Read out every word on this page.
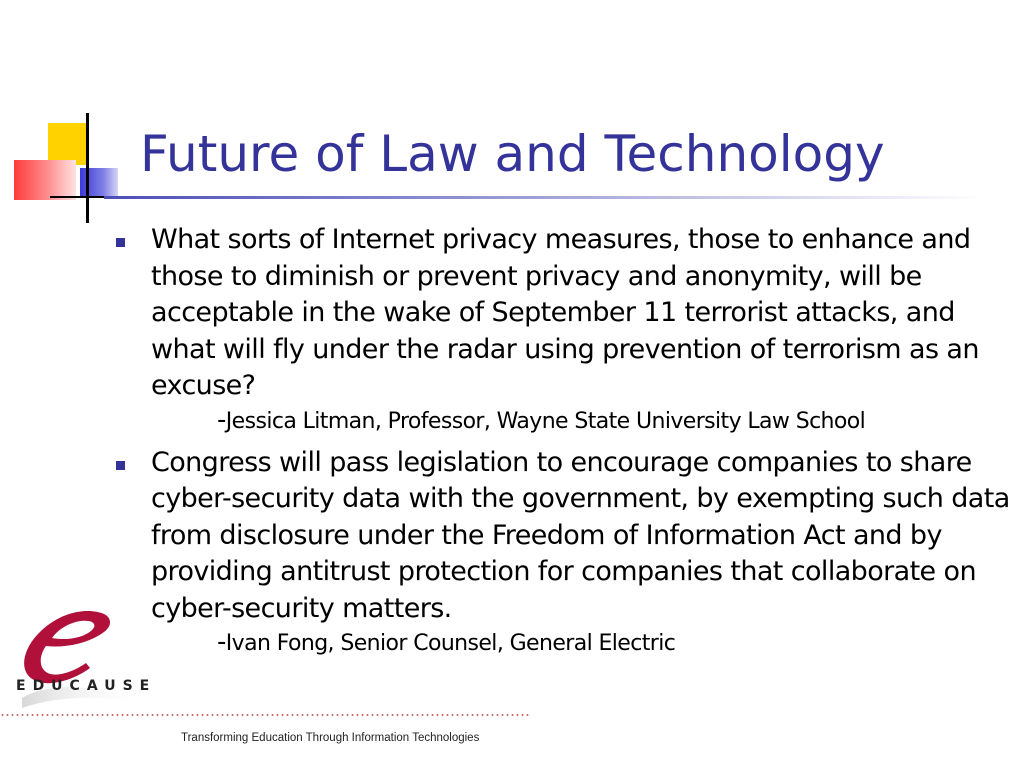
Future of Law and Technology

What sorts of Internet privacy measures, those to enhance and those to diminish or prevent privacy and anonymity, will be acceptable in the wake of September 11 terrorist attacks, and what will fly under the radar using prevention of terrorism as an excuse?

-Jessica Litman, Professor, Wayne State University Law School

Congress will pass legislation to encourage companies to share cyber-security data with the government, by exempting such data from disclosure under the Freedom of Information Act and by providing antitrust protection for companies that collaborate on cyber-security matters.

-Ivan Fong, Senior Counsel, General Electric
EDUCAUSE
Transforming Education Through Information Technologies
